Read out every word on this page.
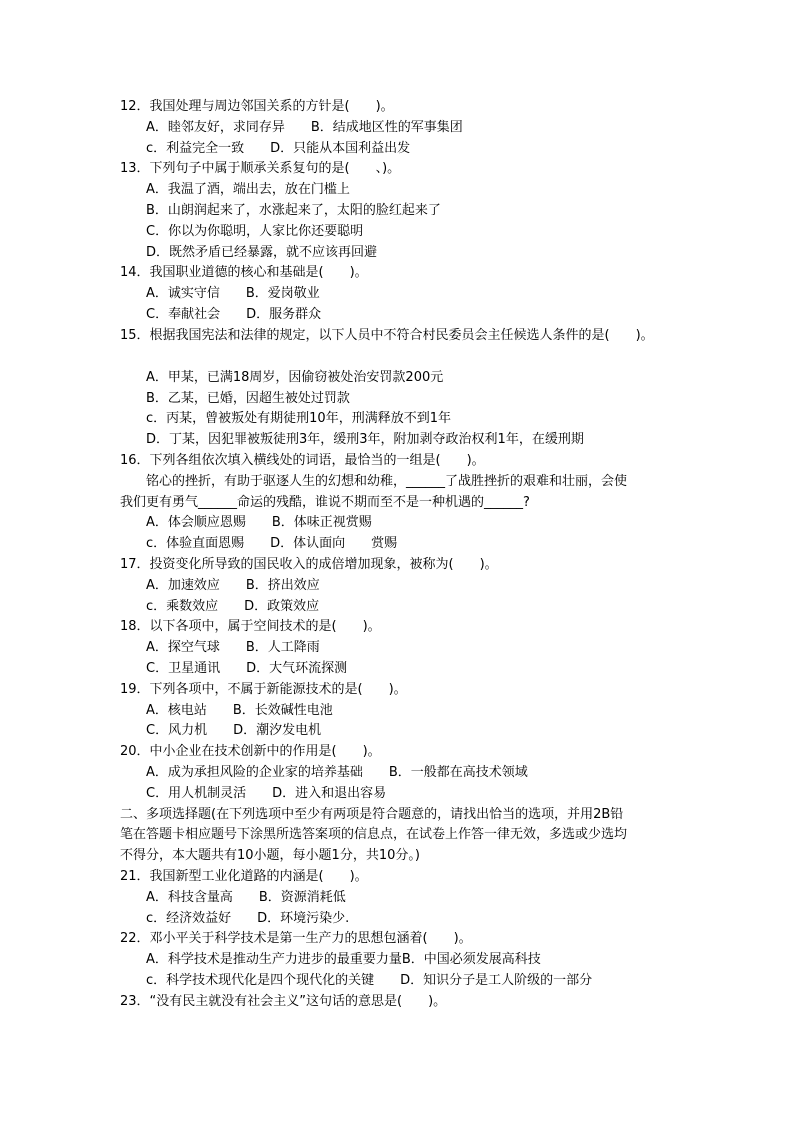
12．我国处理与周边邻国关系的方针是(　　)。
A．睦邻友好，求同存异　　B．结成地区性的军事集团
c．利益完全一致　　D．只能从本国利益出发
13．下列句子中属于顺承关系复句的是(　　、)。
A．我温了酒，端出去，放在门槛上
B．山朗润起来了，水涨起来了，太阳的脸红起来了
C．你以为你聪明，人家比你还要聪明
D．既然矛盾已经暴露，就不应该再回避
14．我国职业道德的核心和基础是(　　)。
A．诚实守信　　B．爱岗敬业
C．奉献社会　　D．服务群众
15．根据我国宪法和法律的规定，以下人员中不符合村民委员会主任候选人条件的是(　　)。
A．甲某，已满18周岁，因偷窃被处治安罚款200元
B．乙某，已婚，因超生被处过罚款
c．丙某，曾被叛处有期徒刑10年，刑满释放不到1年
D．丁某，因犯罪被叛徒刑3年，缓刑3年，附加剥夺政治权利1年，在缓刑期
16．下列各组依次填入横线处的词语，最恰当的一组是(　　)。
铭心的挫折，有助于驱逐人生的幻想和幼稚，______了战胜挫折的艰难和壮丽，会使
我们更有勇气______命运的残酷，谁说不期而至不是一种机遇的______?
A．体会顺应恩赐　　B．体味正视赏赐
c．体验直面恩赐　　D．体认面向　　赏赐
17．投资变化所导致的国民收入的成倍增加现象，被称为(　　)。
A．加速效应　　B．挤出效应
c．乘数效应　　D．政策效应
18．以下各项中，属于空间技术的是(　　)。
A．探空气球　　B．人工降雨
C．卫星通讯　　D．大气环流探测
19．下列各项中，不属于新能源技术的是(　　)。
A．核电站　　B．长效碱性电池
C．风力机　　D．潮汐发电机
20．中小企业在技术创新中的作用是(　　)。
A．成为承担风险的企业家的培养基础　　B．一般都在高技术领域
C．用人机制灵活　　D．进入和退出容易
二、多项选择题(在下列选项中至少有两项是符合题意的，请找出恰当的选项，并用2B铅
笔在答题卡相应题号下涂黑所选答案项的信息点，在试卷上作答一律无效，多选或少选均
不得分，本大题共有10小题，每小题1分，共10分。)
21．我国新型工业化道路的内涵是(　　)。
A．科技含量高　　B．资源消耗低
c．经济效益好　　D．环境污染少.
22．邓小平关于科学技术是第一生产力的思想包涵着(　　)。
A．科学技术是推动生产力进步的最重要力量B．中国必须发展高科技
c．科学技术现代化是四个现代化的关键　　D．知识分子是工人阶级的一部分
23．“没有民主就没有社会主义”这句话的意思是(　　)。
